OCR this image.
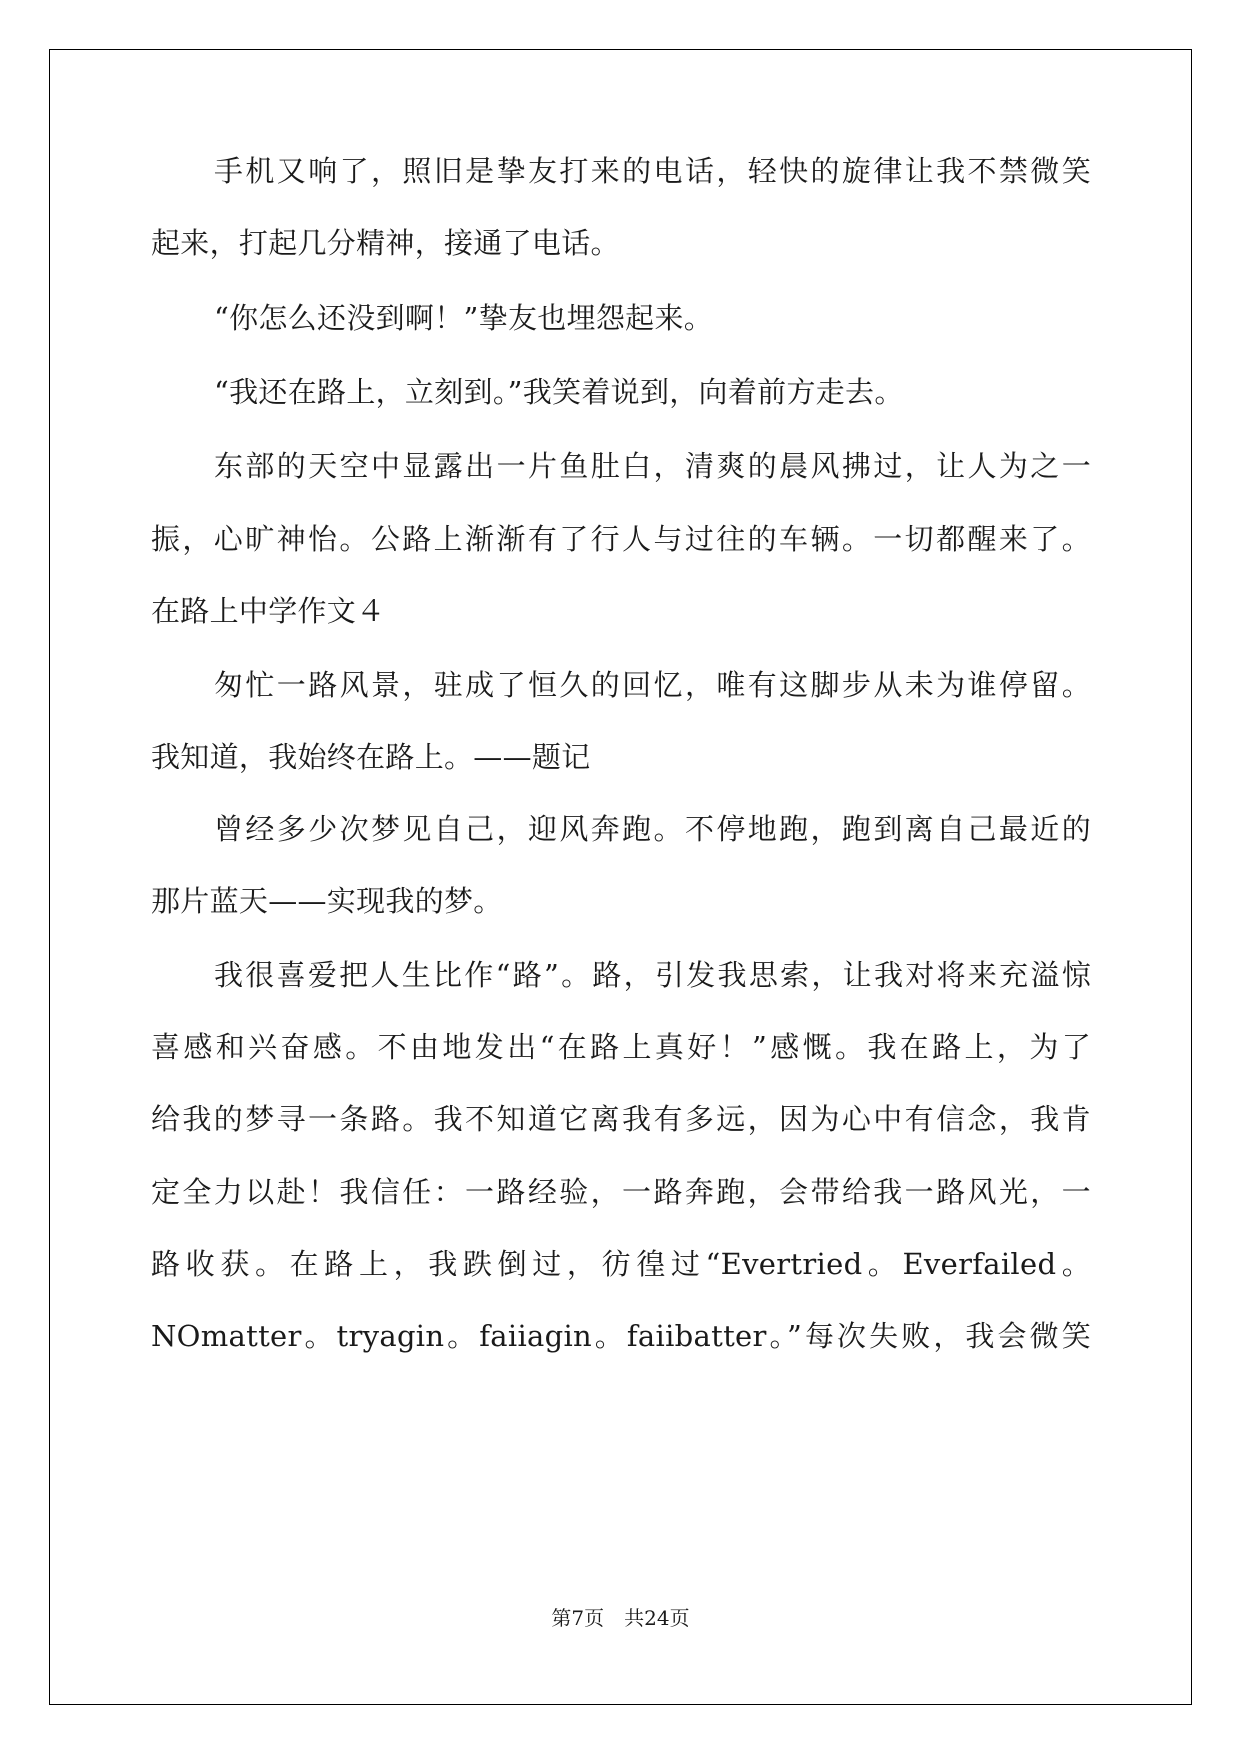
手机又响了，照旧是挚友打来的电话，轻快的旋律让我不禁微笑

起来，打起几分精神，接通了电话。

“你怎么还没到啊！”挚友也埋怨起来。

“我还在路上，立刻到。”我笑着说到，向着前方走去。

东部的天空中显露出一片鱼肚白，清爽的晨风拂过，让人为之一

振，心旷神怡。公路上渐渐有了行人与过往的车辆。一切都醒来了。

在路上中学作文４

匆忙一路风景，驻成了恒久的回忆，唯有这脚步从未为谁停留。

我知道，我始终在路上。——题记

曾经多少次梦见自己，迎风奔跑。不停地跑，跑到离自己最近的

那片蓝天——实现我的梦。

我很喜爱把人生比作“路”。路，引发我思索，让我对将来充溢惊

喜感和兴奋感。不由地发出“在路上真好！”感慨。我在路上，为了

给我的梦寻一条路。我不知道它离我有多远，因为心中有信念，我肯

定全力以赴！我信任：一路经验，一路奔跑，会带给我一路风光，一

路收获。在路上，我跌倒过，彷徨过“Evertried。Everfailed。

NOmatter。tryagin。faiiagin。faiibatter。”每次失败，我会微笑

第7页 共24页
